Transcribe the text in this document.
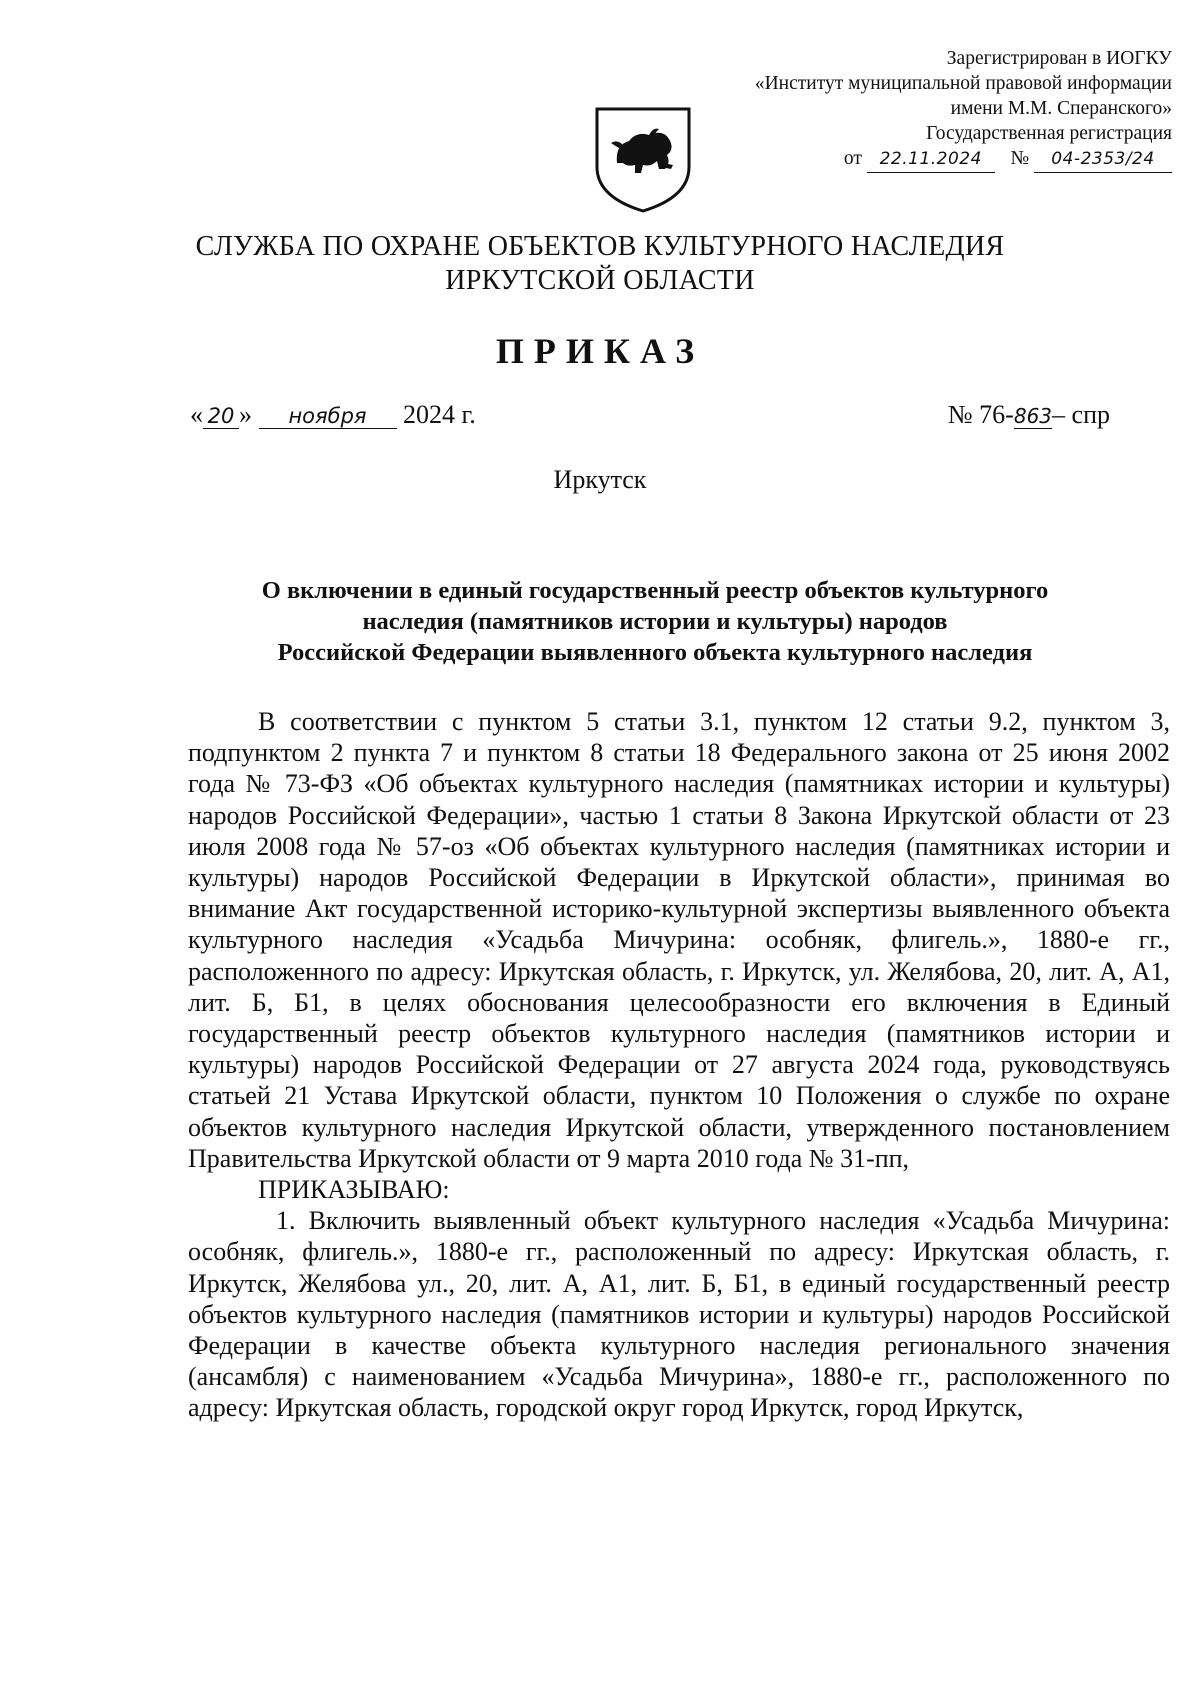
Зарегистрирован в ИОГКУ
«Институт муниципальной правовой информации
имени М.М. Сперанского»
Государственная регистрация
от 22.11.2024 № 04-2353/24
СЛУЖБА ПО ОХРАНЕ ОБЪЕКТОВ КУЛЬТУРНОГО НАСЛЕДИЯ
ИРКУТСКОЙ ОБЛАСТИ
ПРИКАЗ
« 20 » ноября 2024 г.	№ 76-863– спр
Иркутск
О включении в единый государственный реестр объектов культурного
наследия (памятников истории и культуры) народов
Российской Федерации выявленного объекта культурного наследия

В соответствии с пунктом 5 статьи 3.1, пунктом 12 статьи 9.2, пунктом 3, подпунктом 2 пункта 7 и пунктом 8 статьи 18 Федерального закона от 25 июня 2002 года № 73-ФЗ «Об объектах культурного наследия (памятниках истории и культуры) народов Российской Федерации», частью 1 статьи 8 Закона Иркутской области от 23 июля 2008 года № 57-оз «Об объектах культурного наследия (памятниках истории и культуры) народов Российской Федерации в Иркутской области», принимая во внимание Акт государственной историко-культурной экспертизы выявленного объекта культурного наследия «Усадьба Мичурина: особняк, флигель.», 1880-е гг., расположенного по адресу: Иркутская область, г. Иркутск, ул. Желябова, 20, лит. А, А1, лит. Б, Б1, в целях обоснования целесообразности его включения в Единый государственный реестр объектов культурного наследия (памятников истории и культуры) народов Российской Федерации от 27 августа 2024 года, руководствуясь статьей 21 Устава Иркутской области, пунктом 10 Положения о службе по охране объектов культурного наследия Иркутской области, утвержденного постановлением Правительства Иркутской области от 9 марта 2010 года № 31-пп,

ПРИКАЗЫВАЮ:

1. Включить выявленный объект культурного наследия «Усадьба Мичурина: особняк, флигель.», 1880-е гг., расположенный по адресу: Иркутская область, г. Иркутск, Желябова ул., 20, лит. А, А1, лит. Б, Б1, в единый государственный реестр объектов культурного наследия (памятников истории и культуры) народов Российской Федерации в качестве объекта культурного наследия регионального значения (ансамбля) с наименованием «Усадьба Мичурина», 1880-е гг., расположенного по адресу: Иркутская область, городской округ город Иркутск, город Иркутск,
